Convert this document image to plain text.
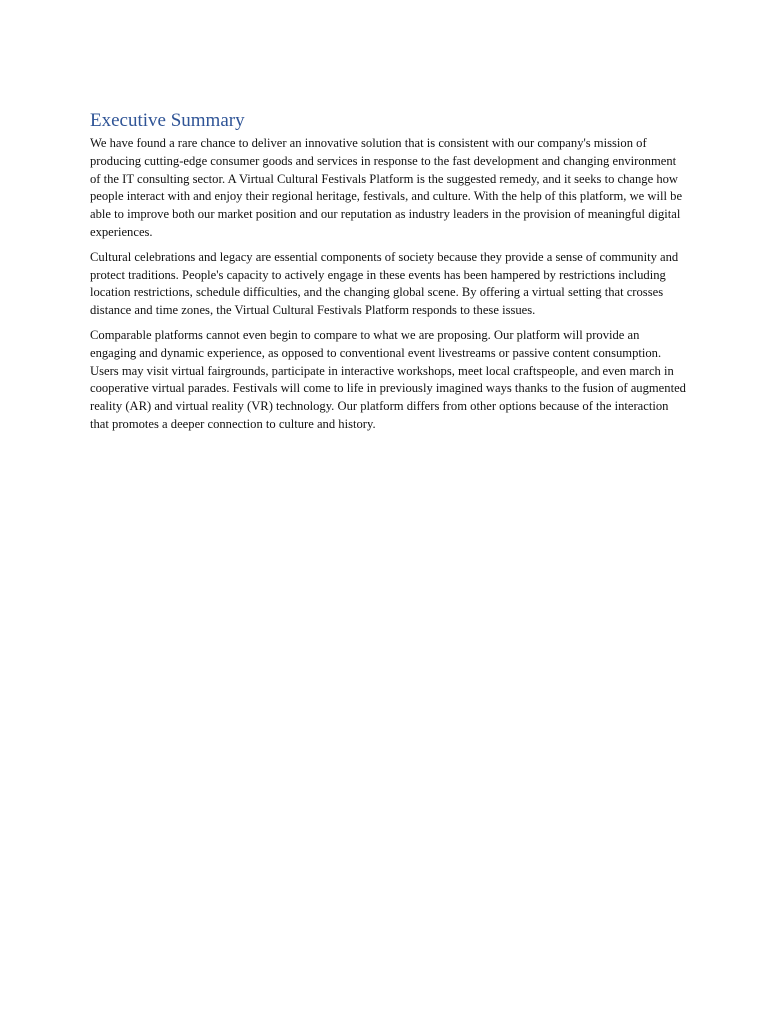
Executive Summary

We have found a rare chance to deliver an innovative solution that is consistent with our company's mission of producing cutting-edge consumer goods and services in response to the fast development and changing environment of the IT consulting sector. A Virtual Cultural Festivals Platform is the suggested remedy, and it seeks to change how people interact with and enjoy their regional heritage, festivals, and culture. With the help of this platform, we will be able to improve both our market position and our reputation as industry leaders in the provision of meaningful digital experiences.

Cultural celebrations and legacy are essential components of society because they provide a sense of community and protect traditions. People's capacity to actively engage in these events has been hampered by restrictions including location restrictions, schedule difficulties, and the changing global scene. By offering a virtual setting that crosses distance and time zones, the Virtual Cultural Festivals Platform responds to these issues.

Comparable platforms cannot even begin to compare to what we are proposing. Our platform will provide an engaging and dynamic experience, as opposed to conventional event livestreams or passive content consumption. Users may visit virtual fairgrounds, participate in interactive workshops, meet local craftspeople, and even march in cooperative virtual parades. Festivals will come to life in previously imagined ways thanks to the fusion of augmented reality (AR) and virtual reality (VR) technology. Our platform differs from other options because of the interaction that promotes a deeper connection to culture and history.
